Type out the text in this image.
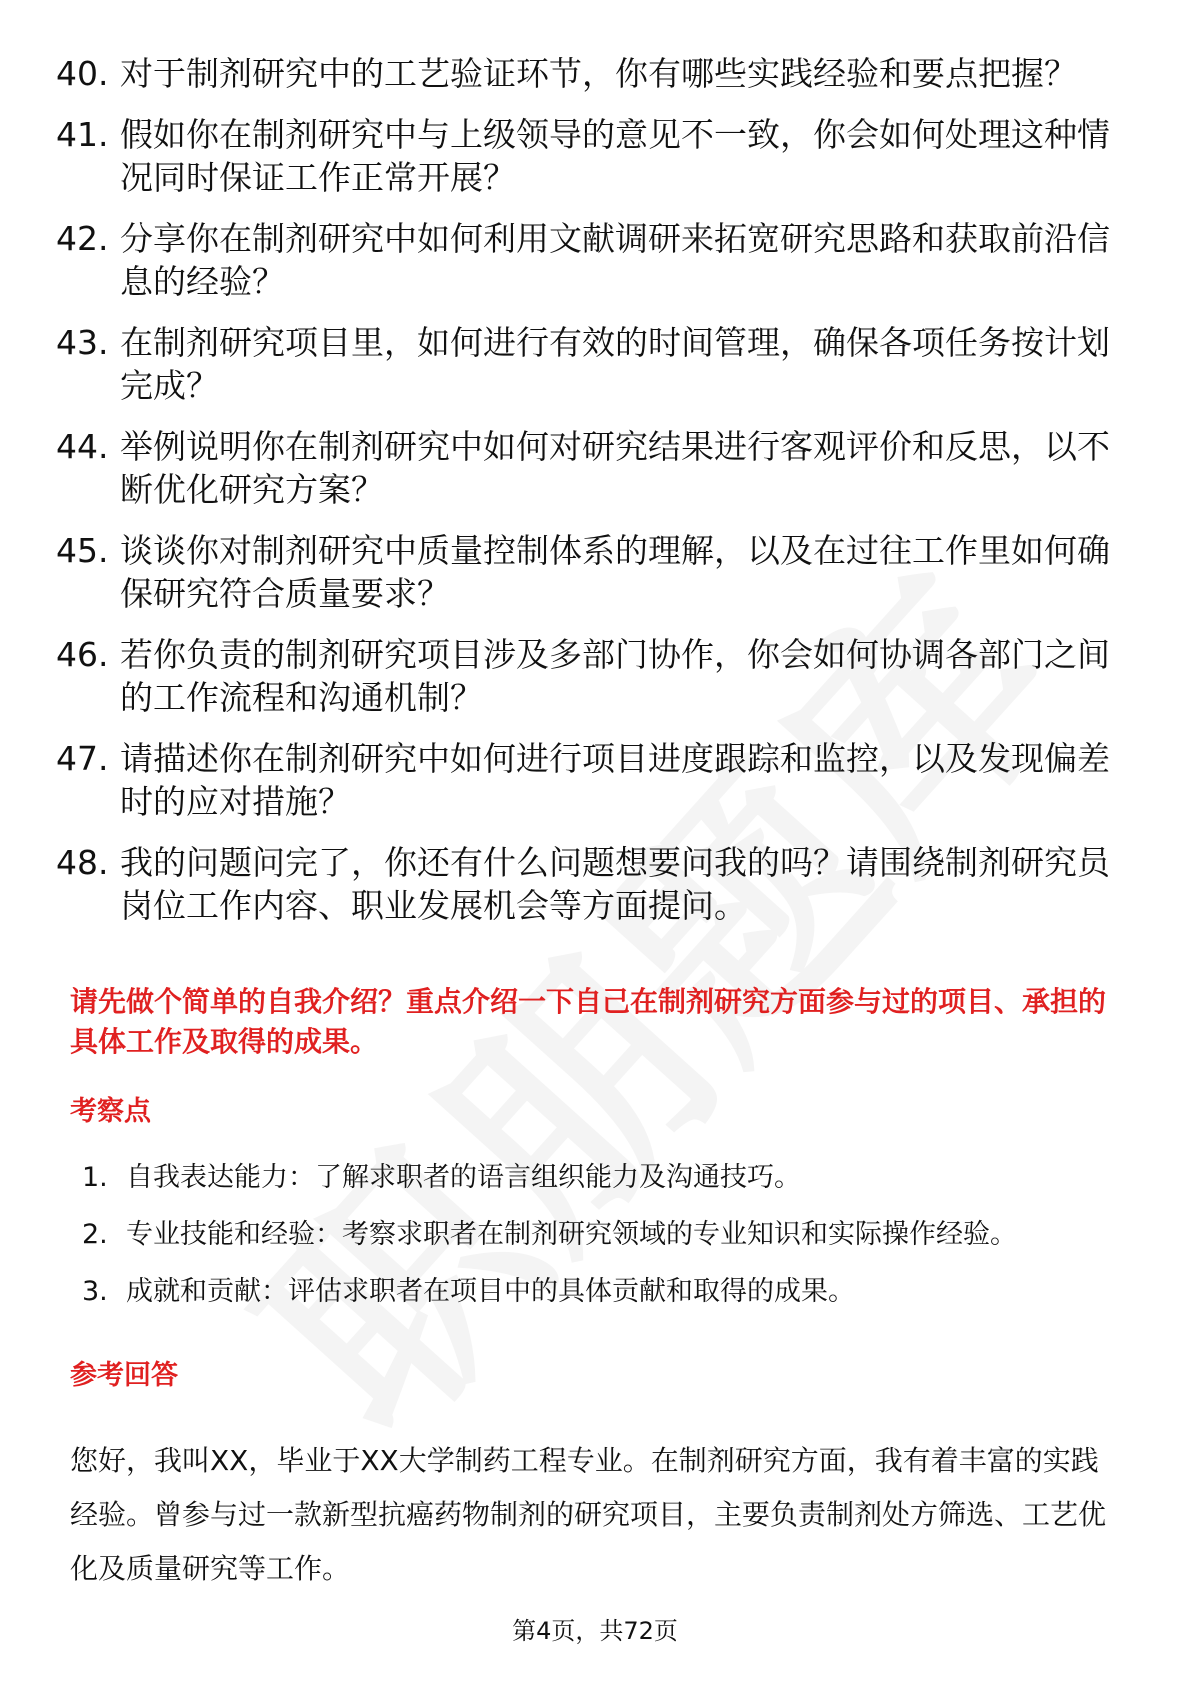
40. 对于制剂研究中的工艺验证环节，你有哪些实践经验和要点把握？
41. 假如你在制剂研究中与上级领导的意见不一致，你会如何处理这种情况同时保证工作正常开展？
42. 分享你在制剂研究中如何利用文献调研来拓宽研究思路和获取前沿信息的经验？
43. 在制剂研究项目里，如何进行有效的时间管理，确保各项任务按计划完成？
44. 举例说明你在制剂研究中如何对研究结果进行客观评价和反思，以不断优化研究方案？
45. 谈谈你对制剂研究中质量控制体系的理解，以及在过往工作里如何确保研究符合质量要求？
46. 若你负责的制剂研究项目涉及多部门协作，你会如何协调各部门之间的工作流程和沟通机制？
47. 请描述你在制剂研究中如何进行项目进度跟踪和监控，以及发现偏差时的应对措施？
48. 我的问题问完了，你还有什么问题想要问我的吗？请围绕制剂研究员岗位工作内容、职业发展机会等方面提问。
请先做个简单的自我介绍？重点介绍一下自己在制剂研究方面参与过的项目、承担的具体工作及取得的成果。
考察点
1. 自我表达能力：了解求职者的语言组织能力及沟通技巧。
2. 专业技能和经验：考察求职者在制剂研究领域的专业知识和实际操作经验。
3. 成就和贡献：评估求职者在项目中的具体贡献和取得的成果。
参考回答
您好，我叫XX，毕业于XX大学制药工程专业。在制剂研究方面，我有着丰富的实践经验。曾参与过一款新型抗癌药物制剂的研究项目，主要负责制剂处方筛选、工艺优化及质量研究等工作。
第4页，共72页
